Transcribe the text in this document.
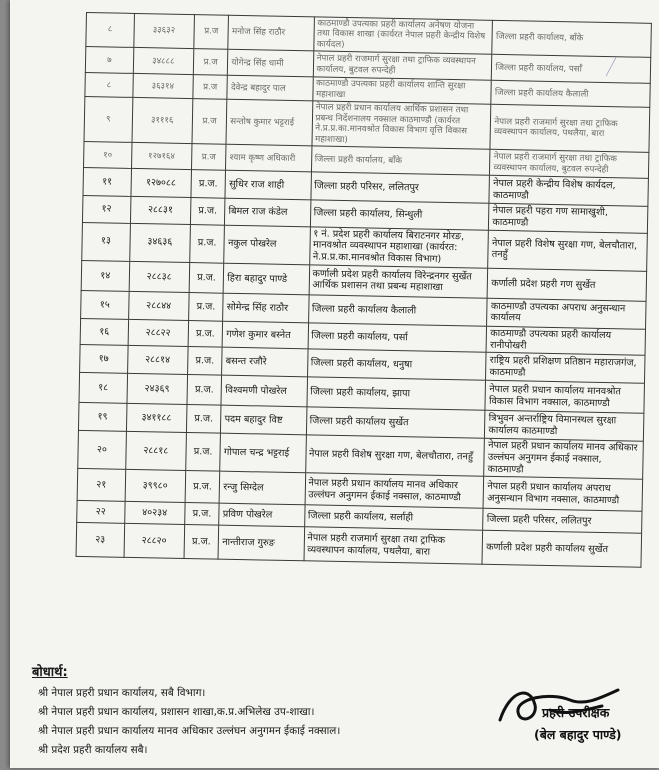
८	३३६३२	प्र.ज	मनोज सिंह राठौर	काठमाण्डौ उपत्यका प्रहरी कार्यालय अनेषण योजना तथा विकास शाखा (कार्यरत नेपाल प्रहरी केन्द्रीय विशेष कार्यदल)	जिल्ला प्रहरी कार्यालय, बाँके
७	३४८८८	प्र.ज	योगेन्द्र सिंह धामी	नेपाल प्रहरी राजमार्ग सुरक्षा तथा ट्राफिक व्यवस्थापन कार्यालय, बुटवल रुपन्देही	जिल्ला प्रहरी कार्यालय, पर्साँ
८	३६३१४	प्र.ज	देवेन्द्र बहादुर पाल	काठमाण्डौ उपत्यका प्रहरी कार्यालय शान्ति सुरक्षा महाशाखा	जिल्ला प्रहरी कार्यालय कैलाली
९	३१११६	प्र.ज	सन्तोष कुमार भट्टराई	नेपाल प्रहरी प्रधान कार्यालय आर्थिक प्रशासन तथा प्रबन्ध निर्देशनालय नक्साल काठमाण्डौ (कार्यरत ने.प्र.प्र.का.मानवश्रोत विकास विभाग वृत्ति विकास महाशाखा)	नेपाल प्रहरी राजमार्ग सुरक्षा तथा ट्राफिक व्यवस्थापन कार्यालय, पथलैया, बारा
१०	१२७१६४	प्र.ज	श्याम कृष्ण अधिकारी	जिल्ला प्रहरी कार्यालय, बाँके	नेपाल प्रहरी राजमार्ग सुरक्षा तथा ट्राफिक व्यवस्थापन कार्यालय, बुटवल रुपन्देही
११	१२७०८८	प्र.ज.	सुधिर राज शाही	जिल्ला प्रहरी परिसर, ललितपुर	नेपाल प्रहरी केन्द्रीय विशेष कार्यदल, काठमाण्डौ
१२	२८८३१	प्र.ज.	बिमल राज कंडेल	जिल्ला प्रहरी कार्यालय, सिन्धुली	नेपाल प्रहरी पहरा गण सामाखुशी, काठमाण्डौ
१३	३४६३६	प्र.ज.	नकुल पोखरेल	१ नं. प्रदेश प्रहरी कार्यालय बिराटनगर मोरङ, मानवश्रोत व्यवस्थापन महाशाखा (कार्यरत: ने.प्र.प्र.का.मानवश्रोत विकास विभाग)	नेपाल प्रहरी विशेष सुरक्षा गण, बेलचौतारा, तनहुँ
१४	२८८३८	प्र.ज.	हिरा बहादुर पाण्डे	कर्णाली प्रदेश प्रहरी कार्यालय विरेन्द्रनगर सुर्खेत आर्थिक प्रशासन तथा प्रबन्ध महाशाखा	कर्णाली प्रदेश प्रहरी गण सुर्खेत
१५	२८८४४	प्र.ज.	सोमेन्द्र सिंह राठौर	जिल्ला प्रहरी कार्यालय कैलाली	काठमाण्डौ उपत्यका अपराध अनुसन्धान कार्यालय
१६	२८८२२	प्र.ज.	गणेश कुमार बस्नेत	जिल्ला प्रहरी कार्यालय, पर्सा	काठमाण्डौ उपत्यका प्रहरी कार्यालय रानीपोखरी
१७	२८८१४	प्र.ज.	बसन्त रजौरे	जिल्ला प्रहरी कार्यालय, धनुषा	राष्ट्रिय प्रहरी प्रशिक्षण प्रतिष्ठान महाराजगंज, काठमाण्डौ
१८	२४३६९	प्र.ज.	विश्वमणी पोखरेल	जिल्ला प्रहरी कार्यालय, झापा	नेपाल प्रहरी प्रधान कार्यालय मानवश्रोत विकास विभाग नक्साल, काठमाण्डौ
१९	३४११८८	प्र.ज.	पदम बहादुर विष्ट	जिल्ला प्रहरी कार्यालय सुर्खेत	त्रिभुवन अन्तर्राष्ट्रिय विमानस्थल सुरक्षा कार्यालय काठमाण्डौ
२०	२८८१८	प्र.ज.	गोपाल चन्द्र भट्टराई	नेपाल प्रहरी विशेष सुरक्षा गण, बेलचौतारा, तनहुँ	नेपाल प्रहरी प्रधान कार्यालय मानव अधिकार उल्लंघन अनुगमन ईकाई नक्साल, काठमाण्डौ
२१	३९९८०	प्र.ज.	रन्जु सिग्देल	नेपाल प्रहरी प्रधान कार्यालय मानव अधिकार उल्लंघन अनुगमन ईकाई नक्साल, काठमाण्डौ	नेपाल प्रहरी प्रधान कार्यालय अपराध अनुसन्धान विभाग नक्साल, काठमाण्डौ
२२	४०२३४	प्र.ज.	प्रविण पोखरेल	जिल्ला प्रहरी कार्यालय, सर्लाही	जिल्ला प्रहरी परिसर, ललितपुर
२३	२८८२०	प्र.ज.	नान्तीराज गुरुङ	नेपाल प्रहरी राजमार्ग सुरक्षा तथा ट्राफिक व्यवस्थापन कार्यालय, पथलैया, बारा	कर्णाली प्रदेश प्रहरी कार्यालय सुर्खेत
⸻
बोधार्थ:
श्री नेपाल प्रहरी प्रधान कार्यालय, सबै विभाग।
श्री नेपाल प्रहरी प्रधान कार्यालय, प्रशासन शाखा,क.प्र.अभिलेख उप-शाखा।
श्री नेपाल प्रहरी प्रधान कार्यालय मानव अधिकार उल्लंघन अनुगमन ईकाई नक्साल।
श्री प्रदेश प्रहरी कार्यालय सबै।
प्रहरी उपरीक्षक
(बेल बहादुर पाण्डे)
